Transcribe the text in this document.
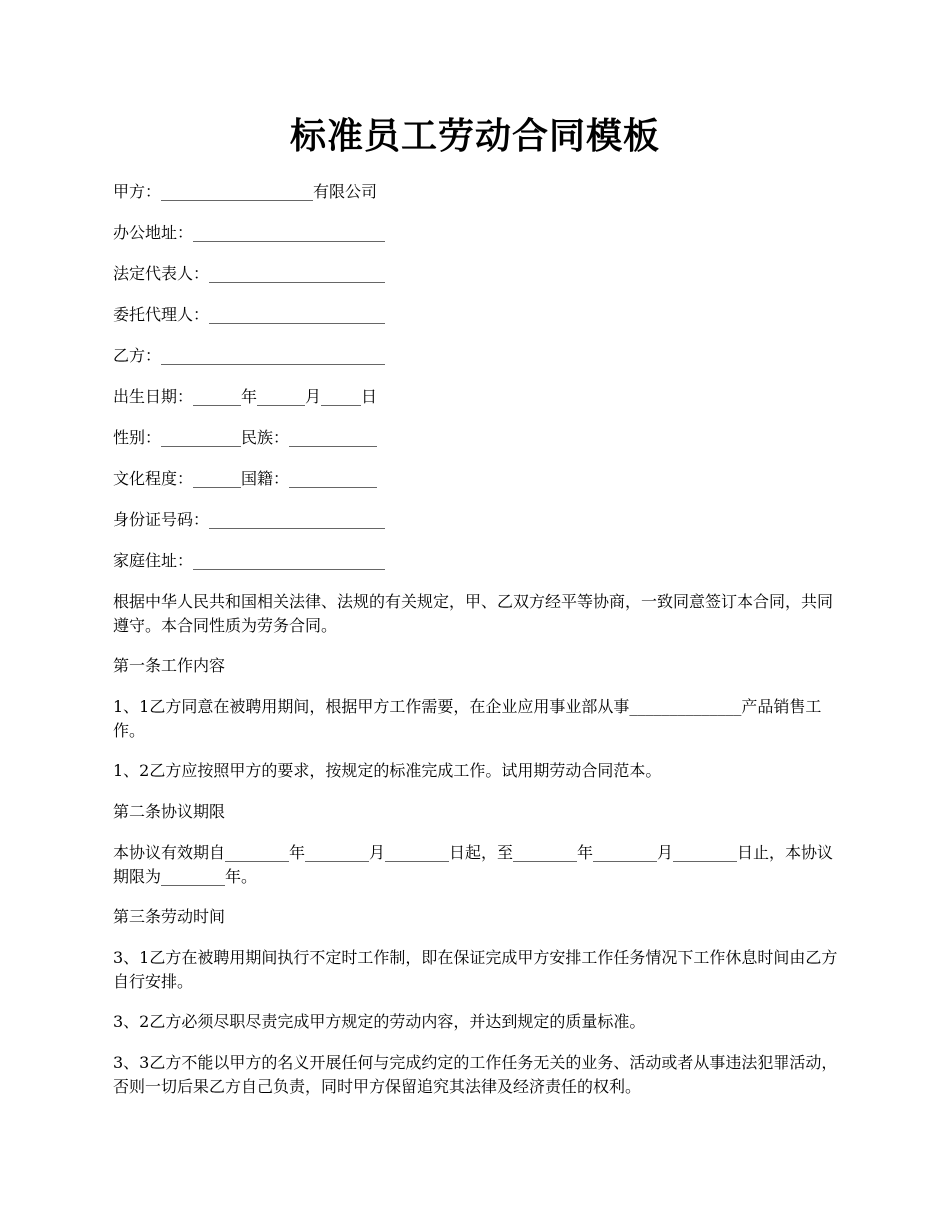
标准员工劳动合同模板

甲方：___________________有限公司

办公地址：________________________

法定代表人：______________________

委托代理人：______________________

乙方：____________________________

出生日期：______年______月_____日

性别：__________民族：___________

文化程度：______国籍：___________

身份证号码：______________________

家庭住址：________________________

根据中华人民共和国相关法律、法规的有关规定，甲、乙双方经平等协商，一致同意签订本合同，共同遵守。本合同性质为劳务合同。

第一条工作内容

1、1乙方同意在被聘用期间，根据甲方工作需要，在企业应用事业部从事______________产品销售工作。

1、2乙方应按照甲方的要求，按规定的标准完成工作。试用期劳动合同范本。

第二条协议期限

本协议有效期自________年________月________日起，至________年________月________日止，本协议期限为________年。

第三条劳动时间

3、1乙方在被聘用期间执行不定时工作制，即在保证完成甲方安排工作任务情况下工作休息时间由乙方自行安排。

3、2乙方必须尽职尽责完成甲方规定的劳动内容，并达到规定的质量标准。

3、3乙方不能以甲方的名义开展任何与完成约定的工作任务无关的业务、活动或者从事违法犯罪活动，否则一切后果乙方自己负责，同时甲方保留追究其法律及经济责任的权利。
